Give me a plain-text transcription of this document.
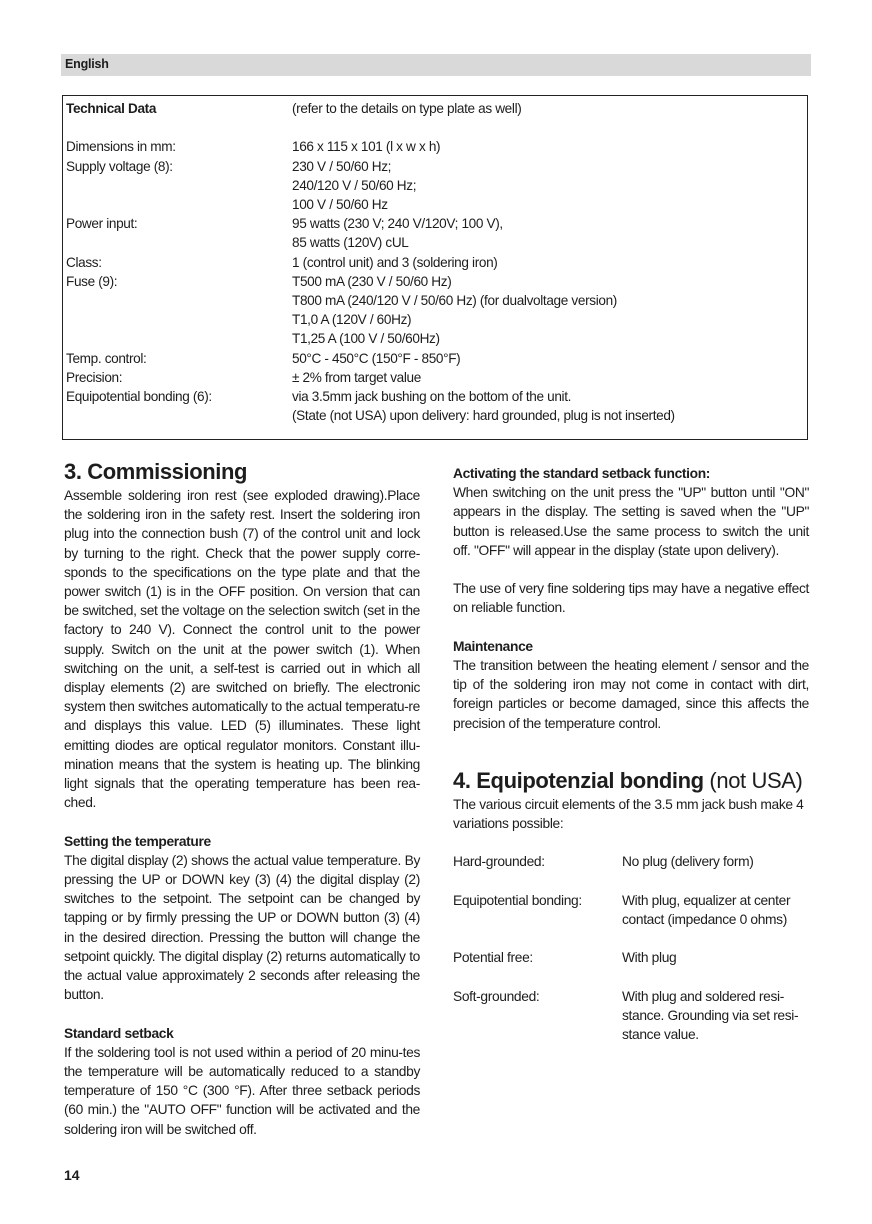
English
Technical Data	(refer to the details on type plate as well)
Dimensions in mm:	166 x 115 x 101 (l x w x h)
Supply voltage (8):	230 V / 50/60 Hz;
240/120 V / 50/60 Hz;
100 V / 50/60 Hz
Power input:	95 watts (230 V; 240 V/120V; 100 V),
85 watts (120V) cUL
Class:	1 (control unit) and 3 (soldering iron)
Fuse (9):	T500 mA (230 V / 50/60 Hz)
T800 mA (240/120 V / 50/60 Hz) (for dualvoltage version)
T1,0 A (120V / 60Hz)
T1,25 A (100 V / 50/60Hz)
Temp. control:	50°C - 450°C (150°F - 850°F)
Precision:	± 2% from target value
Equipotential bonding (6):	via 3.5mm jack bushing on the bottom of the unit.
(State (not USA) upon delivery: hard grounded, plug is not inserted)
3. Commissioning

Assemble soldering iron rest (see exploded drawing).Place the soldering iron in the safety rest. Insert the soldering iron plug into the connection bush (7) of the control unit and lock by turning to the right. Check that the power supply corre-sponds to the specifications on the type plate and that the power switch (1) is in the OFF position. On version that can be switched, set the voltage on the selection switch (set in the factory to 240 V). Connect the control unit to the power supply. Switch on the unit at the power switch (1). When switching on the unit, a self-test is carried out in which all display elements (2) are switched on briefly. The electronic system then switches automatically to the actual temperatu-re and displays this value. LED (5) illuminates. These light emitting diodes are optical regulator monitors. Constant illu-mination means that the system is heating up. The blinking light signals that the operating temperature has been rea-ched.

Setting the temperature

The digital display (2) shows the actual value temperature. By pressing the UP or DOWN key (3) (4) the digital display (2) switches to the setpoint. The setpoint can be changed by tapping or by firmly pressing the UP or DOWN button (3) (4) in the desired direction. Pressing the button will change the setpoint quickly. The digital display (2) returns automatically to the actual value approximately 2 seconds after releasing the button.

Standard setback

If the soldering tool is not used within a period of 20 minu-tes the temperature will be automatically reduced to a standby temperature of 150 °C (300 °F). After three setback periods (60 min.) the "AUTO OFF" function will be activated and the soldering iron will be switched off.

Activating the standard setback function:

When switching on the unit press the "UP" button until "ON" appears in the display. The setting is saved when the "UP" button is released.Use the same process to switch the unit off. "OFF" will appear in the display (state upon delivery).

The use of very fine soldering tips may have a negative effect on reliable function.

Maintenance

The transition between the heating element / sensor and the tip of the soldering iron may not come in contact with dirt, foreign particles or become damaged, since this affects the precision of the temperature control.

4. Equipotenzial bonding (not USA)

The various circuit elements of the 3.5 mm jack bush make 4 variations possible:

Hard-grounded:	No plug (delivery form)
Equipotential bonding:	With plug, equalizer at center contact (impedance 0 ohms)
Potential free:	With plug
Soft-grounded:	With plug and soldered resi-stance. Grounding via set resi-stance value.
14
